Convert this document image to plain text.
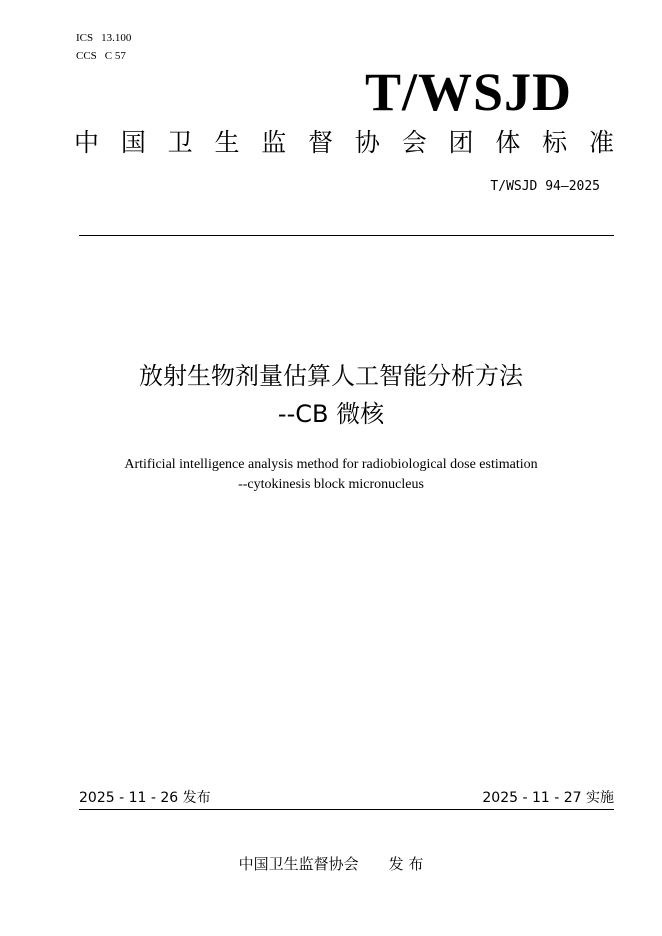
ICS 13.100
CCS C 57
T/WSJD
中 国 卫 生 监 督 协 会 团 体 标 准
T/WSJD 94—2025
放射生物剂量估算人工智能分析方法
--CB 微核
Artificial intelligence analysis method for radiobiological dose estimation
--cytokinesis block micronucleus
2025 - 11 - 26 发布	2025 - 11 - 27 实施
中国卫生监督协会 发 布
